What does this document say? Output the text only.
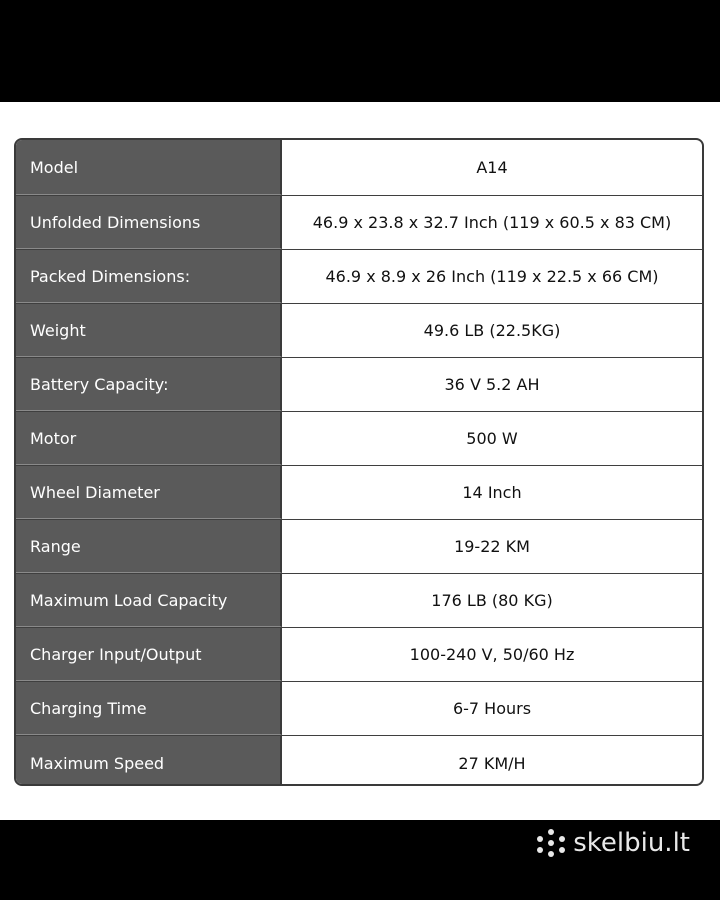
Model	A14
Unfolded Dimensions	46.9 x 23.8 x 32.7 Inch (119 x 60.5 x 83 CM)
Packed Dimensions:	46.9 x 8.9 x 26 Inch (119 x 22.5 x 66 CM)
Weight	49.6 LB (22.5KG)
Battery Capacity:	36 V 5.2 AH
Motor	500 W
Wheel Diameter	14 Inch
Range	19-22 KM
Maximum Load Capacity	176 LB (80 KG)
Charger Input/Output	100-240 V, 50/60 Hz
Charging Time	6-7 Hours
Maximum Speed	27 KM/H
skelbiu.lt
